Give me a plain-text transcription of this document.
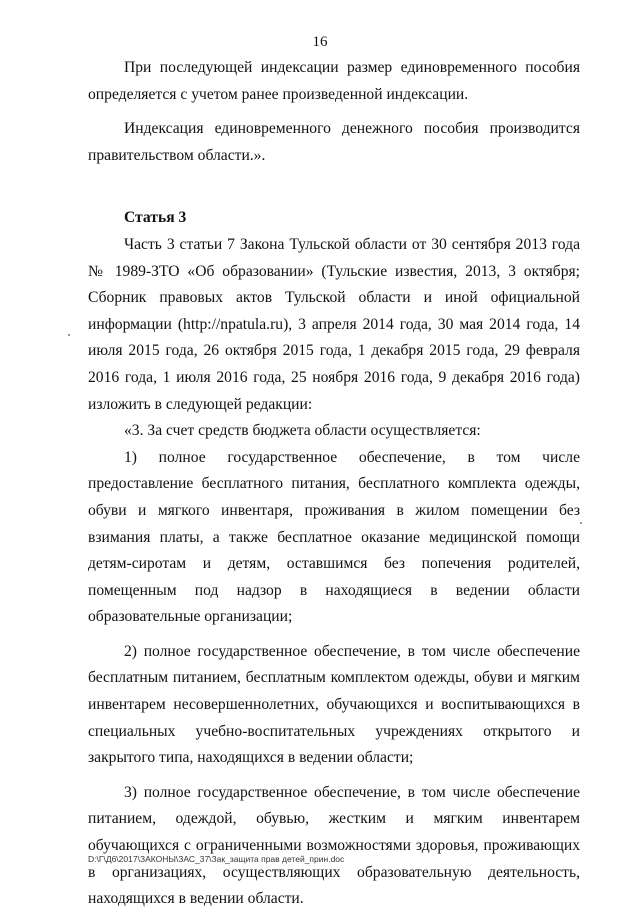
16

При последующей индексации размер единовременного пособия определяется с учетом ранее произведенной индексации.

Индексация единовременного денежного пособия производится правительством области.».

Статья 3

Часть 3 статьи 7 Закона Тульской области от 30 сентября 2013 года № 1989-ЗТО «Об образовании» (Тульские известия, 2013, 3 октября; Сборник правовых актов Тульской области и иной официальной информации (http://npatula.ru), 3 апреля 2014 года, 30 мая 2014 года, 14 июля 2015 года, 26 октября 2015 года, 1 декабря 2015 года, 29 февраля 2016 года, 1 июля 2016 года, 25 ноября 2016 года, 9 декабря 2016 года) изложить в следующей редакции:

«3. За счет средств бюджета области осуществляется:

1) полное государственное обеспечение, в том числе предоставление бесплатного питания, бесплатного комплекта одежды, обуви и мягкого инвентаря, проживания в жилом помещении без взимания платы, а также бесплатное оказание медицинской помощи детям-сиротам и детям, оставшимся без попечения родителей, помещенным под надзор в находящиеся в ведении области образовательные организации;

2) полное государственное обеспечение, в том числе обеспечение бесплатным питанием, бесплатным комплектом одежды, обуви и мягким инвентарем несовершеннолетних, обучающихся и воспитывающихся в специальных учебно-воспитательных учреждениях открытого и закрытого типа, находящихся в ведении области;

3) полное государственное обеспечение, в том числе обеспечение питанием, одеждой, обувью, жестким и мягким инвентарем обучающихся с ограниченными возможностями здоровья, проживающих в организациях, осуществляющих образовательную деятельность, находящихся в ведении области.

D:\Г\Д6\2017\ЗАКОНЫ\ЗАС_37\Зак_защита прав детей_прин.doc
